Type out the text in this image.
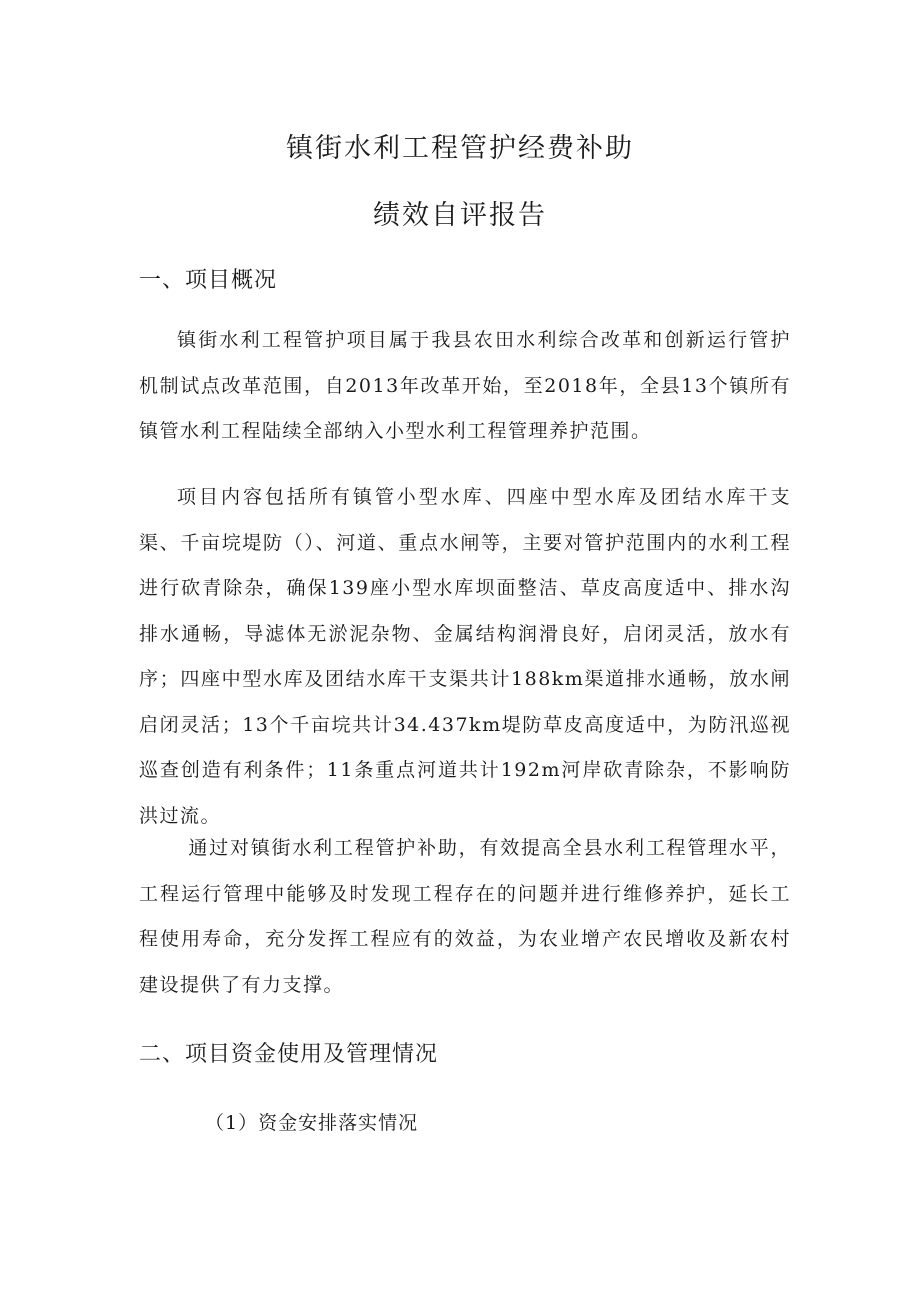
镇街水利工程管护经费补助
绩效自评报告
一、项目概况

镇街水利工程管护项目属于我县农田水利综合改革和创新运行管护机制试点改革范围，自2013年改革开始，至2018年，全县13个镇所有镇管水利工程陆续全部纳入小型水利工程管理养护范围。

项目内容包括所有镇管小型水库、四座中型水库及团结水库干支渠、千亩垸堤防（）、河道、重点水闸等，主要对管护范围内的水利工程进行砍青除杂，确保139座小型水库坝面整洁、草皮高度适中、排水沟排水通畅，导滤体无淤泥杂物、金属结构润滑良好，启闭灵活，放水有序；四座中型水库及团结水库干支渠共计188km渠道排水通畅，放水闸启闭灵活；13个千亩垸共计34.437km堤防草皮高度适中，为防汛巡视巡查创造有利条件；11条重点河道共计192m河岸砍青除杂，不影响防洪过流。

通过对镇街水利工程管护补助，有效提高全县水利工程管理水平，工程运行管理中能够及时发现工程存在的问题并进行维修养护，延长工程使用寿命，充分发挥工程应有的效益，为农业增产农民增收及新农村建设提供了有力支撑。

二、项目资金使用及管理情况
（1）资金安排落实情况
